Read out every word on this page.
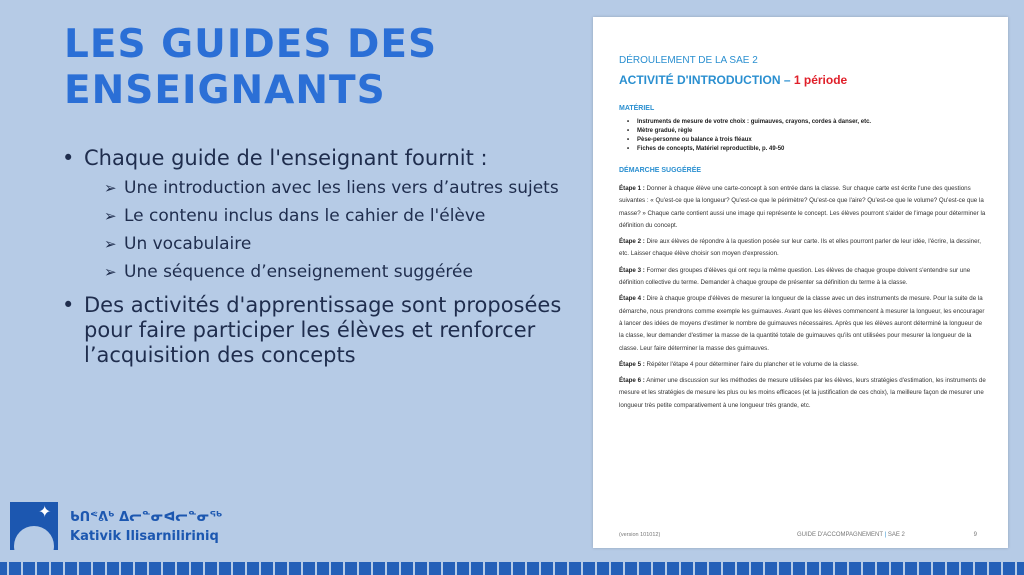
LES GUIDES DES ENSEIGNANTS
• Chaque guide de l'enseignant fournit :
➢ Une introduction avec les liens vers d’autres sujets
➢ Le contenu inclus dans le cahier de l'élève
➢ Un vocabulaire
➢ Une séquence d’enseignement suggérée
• Des activités d'apprentissage sont proposées pour faire participer les élèves et renforcer l’acquisition des concepts
✦ ᑲᑎᕝᕕᒃ ᐃᓕᓐᓂᐊᓕᓐᓂᖅ
Kativik Ilisarniliriniq
DÉROULEMENT DE LA SAE 2
ACTIVITÉ D'INTRODUCTION – 1 période
MATÉRIEL
• Instruments de mesure de votre choix : guimauves, crayons, cordes à danser, etc.
• Mètre gradué, règle
• Pèse-personne ou balance à trois fléaux
• Fiches de concepts, Matériel reproductible, p. 49-50
DÉMARCHE SUGGÉRÉE

Étape 1 : Donner à chaque élève une carte-concept à son entrée dans la classe. Sur chaque carte est écrite l'une des questions suivantes : « Qu'est-ce que la longueur? Qu'est-ce que le périmètre? Qu'est-ce que l'aire? Qu'est-ce que le volume? Qu'est-ce que la masse? » Chaque carte contient aussi une image qui représente le concept. Les élèves pourront s'aider de l'image pour déterminer la définition du concept.

Étape 2 : Dire aux élèves de répondre à la question posée sur leur carte. Ils et elles pourront parler de leur idée, l'écrire, la dessiner, etc. Laisser chaque élève choisir son moyen d'expression.

Étape 3 : Former des groupes d'élèves qui ont reçu la même question. Les élèves de chaque groupe doivent s'entendre sur une définition collective du terme. Demander à chaque groupe de présenter sa définition du terme à la classe.

Étape 4 : Dire à chaque groupe d'élèves de mesurer la longueur de la classe avec un des instruments de mesure. Pour la suite de la démarche, nous prendrons comme exemple les guimauves. Avant que les élèves commencent à mesurer la longueur, les encourager à lancer des idées de moyens d'estimer le nombre de guimauves nécessaires. Après que les élèves auront déterminé la longueur de la classe, leur demander d'estimer la masse de la quantité totale de guimauves qu'ils ont utilisées pour mesurer la longueur de la classe. Leur faire déterminer la masse des guimauves.

Étape 5 : Répéter l'étape 4 pour déterminer l'aire du plancher et le volume de la classe.

Étape 6 : Animer une discussion sur les méthodes de mesure utilisées par les élèves, leurs stratégies d'estimation, les instruments de mesure et les stratégies de mesure les plus ou les moins efficaces (et la justification de ces choix), la meilleure façon de mesurer une longueur très petite comparativement à une longueur très grande, etc.

(version 101012)	GUIDE D'ACCOMPAGNEMENT | SAE 2	9
